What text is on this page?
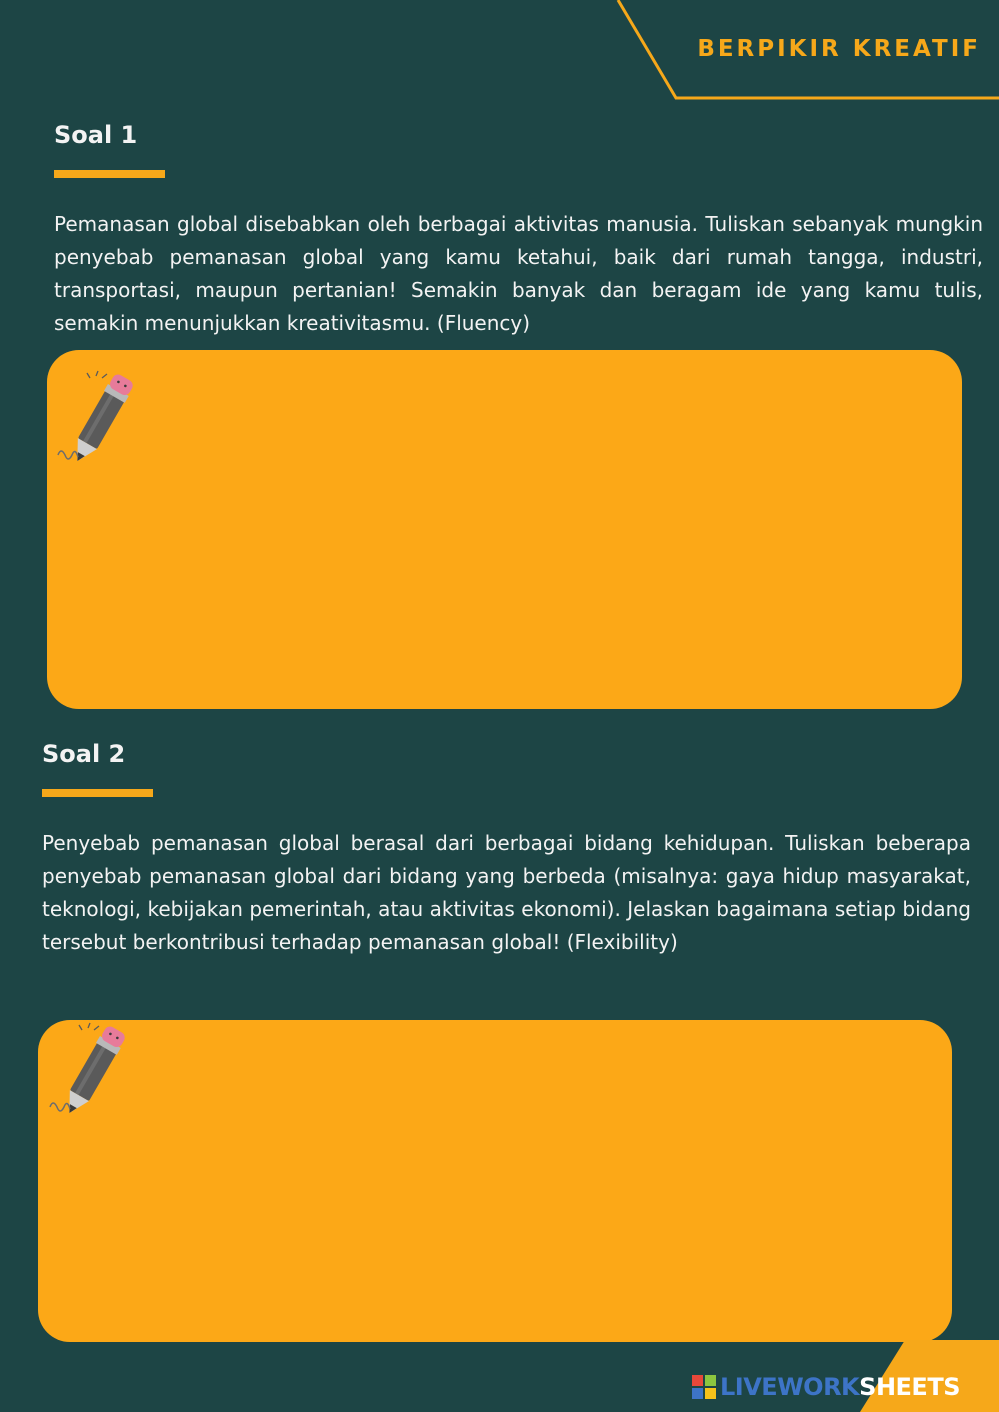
BERPIKIR KREATIF
Soal 1

Pemanasan global disebabkan oleh berbagai aktivitas manusia. Tuliskan sebanyak mungkin penyebab pemanasan global yang kamu ketahui, baik dari rumah tangga, industri, transportasi, maupun pertanian! Semakin banyak dan beragam ide yang kamu tulis, semakin menunjukkan kreativitasmu. (Fluency)

Soal 2

Penyebab pemanasan global berasal dari berbagai bidang kehidupan. Tuliskan beberapa penyebab pemanasan global dari bidang yang berbeda (misalnya: gaya hidup masyarakat, teknologi, kebijakan pemerintah, atau aktivitas ekonomi). Jelaskan bagaimana setiap bidang tersebut berkontribusi terhadap pemanasan global! (Flexibility)

LIVEWORK SHEETS
